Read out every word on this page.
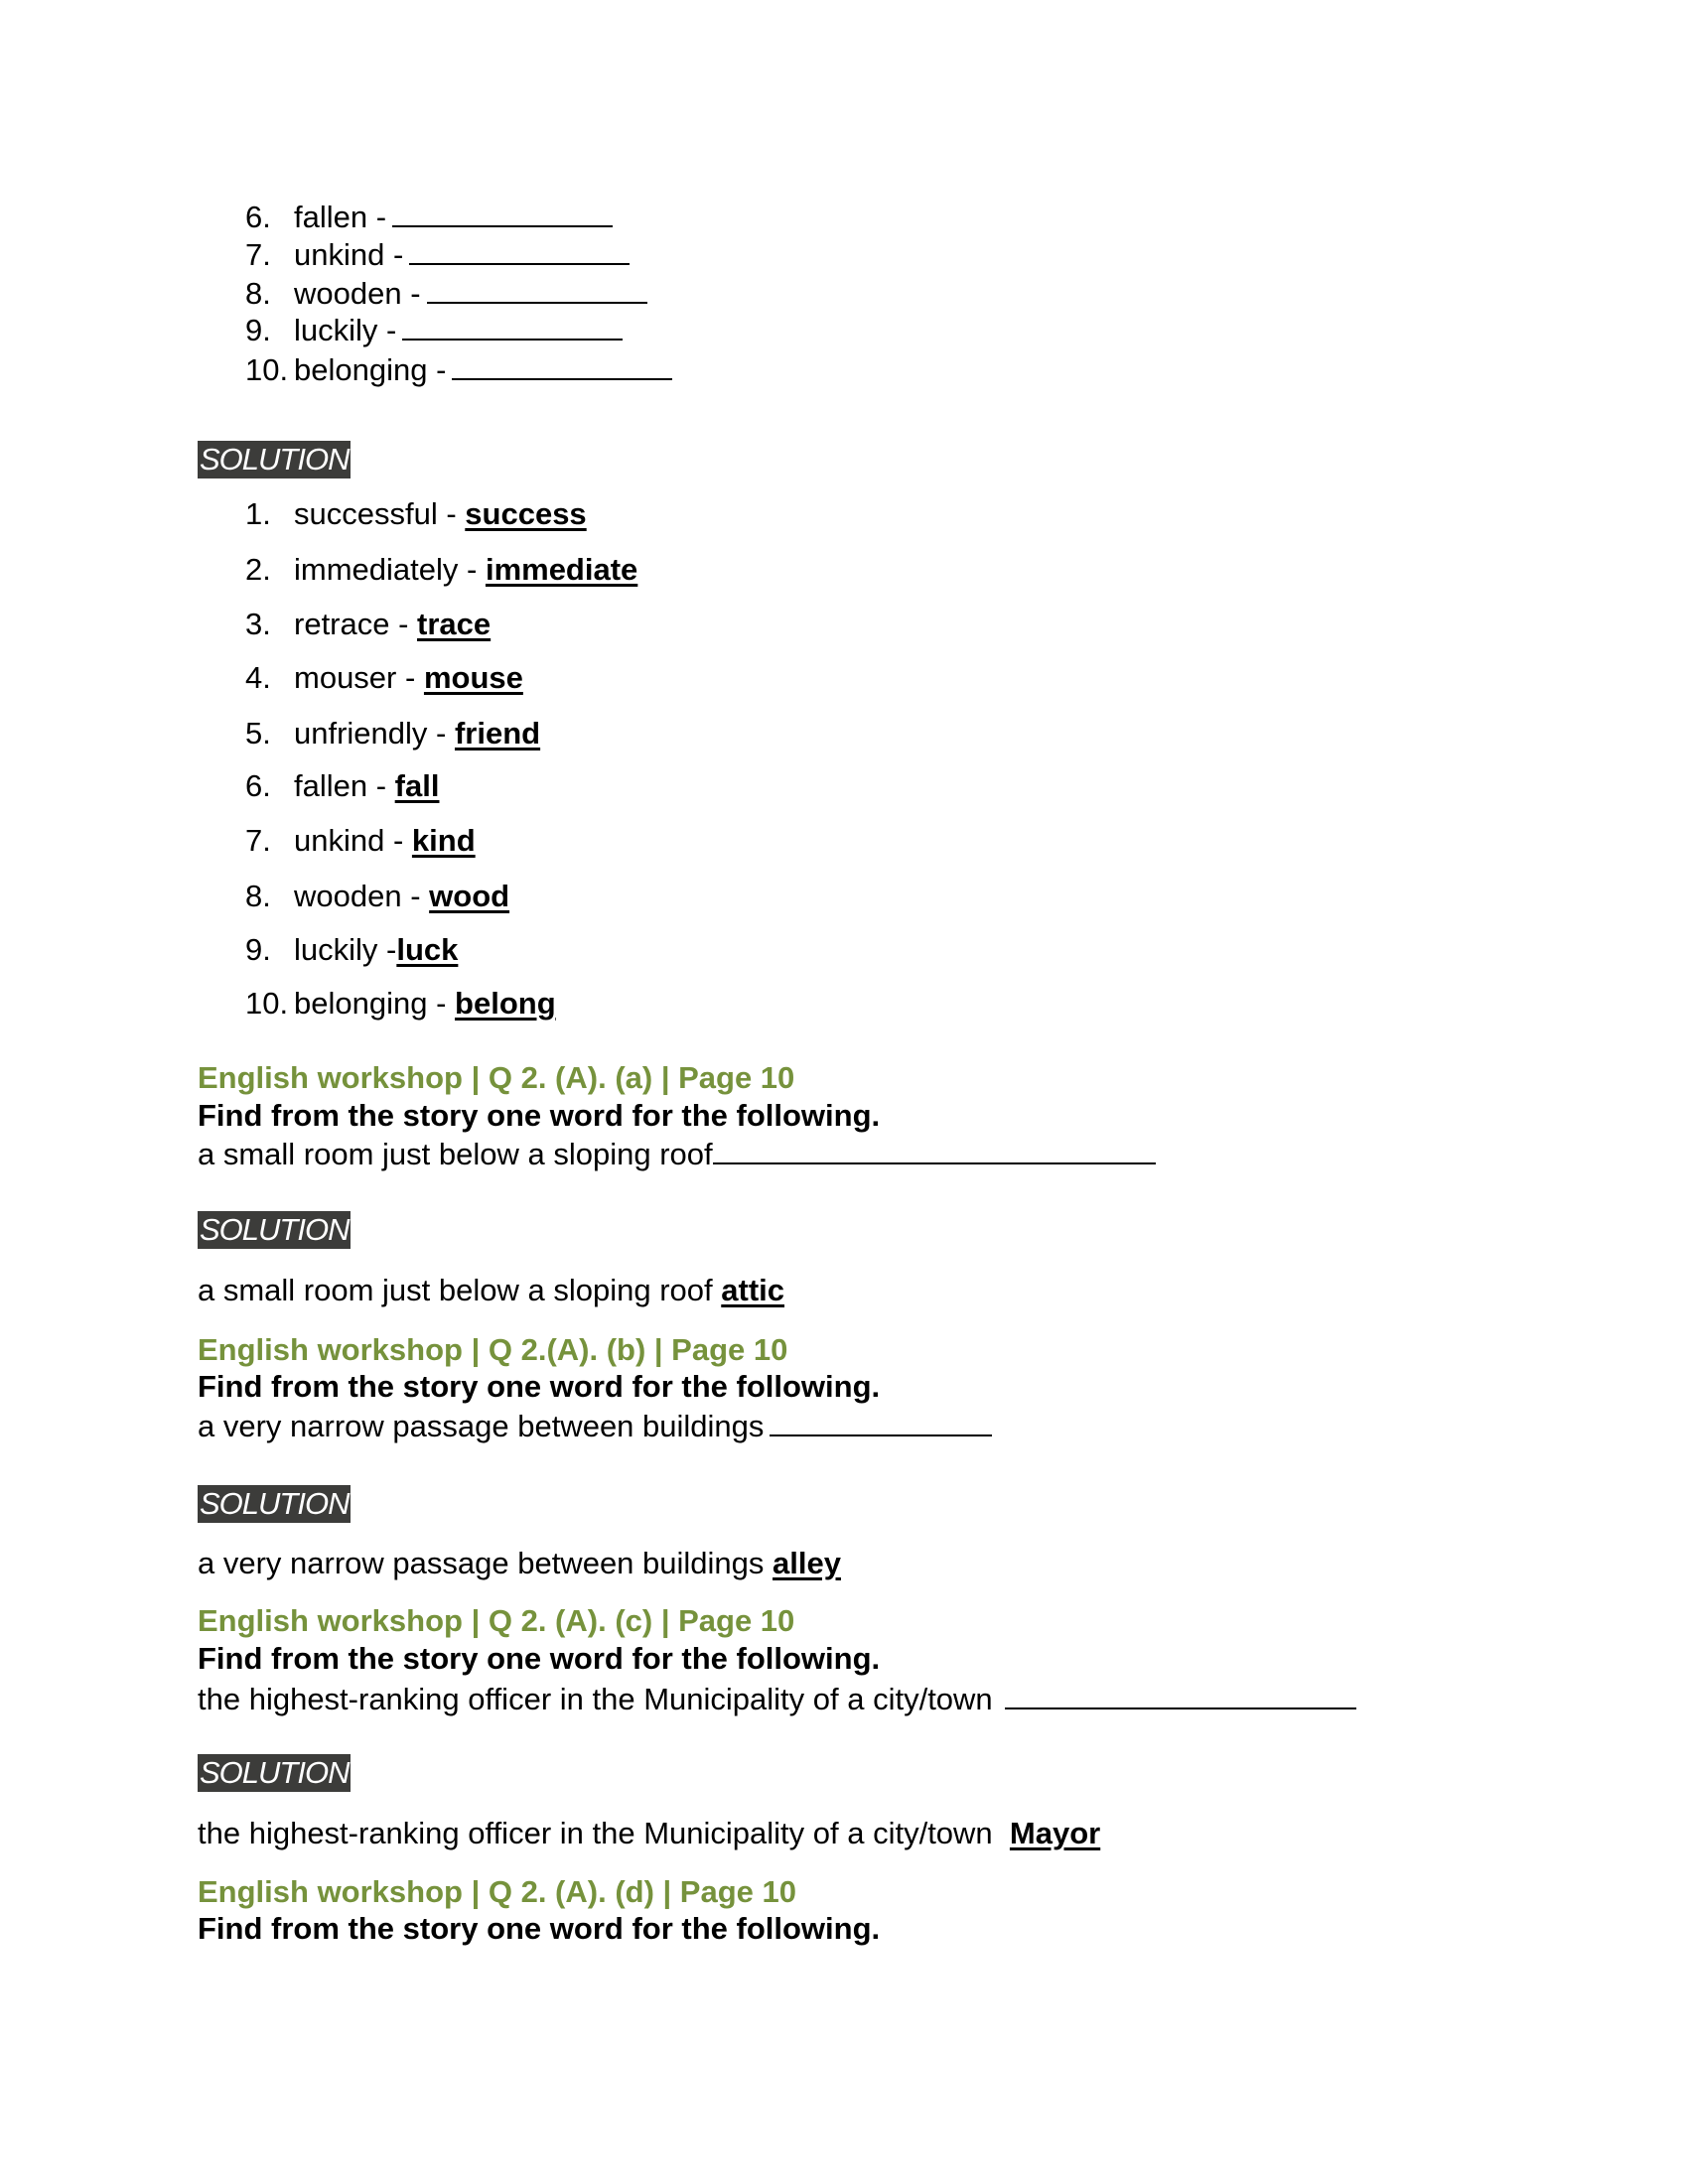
6. fallen -
7. unkind -
8. wooden -
9. luckily -
10. belonging -
SOLUTION
1. successful - success
2. immediately - immediate
3. retrace - trace
4. mouser - mouse
5. unfriendly - friend
6. fallen - fall
7. unkind - kind
8. wooden - wood
9. luckily -luck
10. belonging - belong
English workshop | Q 2. (A). (a) | Page 10
Find from the story one word for the following.
a small room just below a sloping roof
SOLUTION
a small room just below a sloping roof attic
English workshop | Q 2.(A). (b) | Page 10
Find from the story one word for the following.
a very narrow passage between buildings
SOLUTION
a very narrow passage between buildings alley
English workshop | Q 2. (A). (c) | Page 10
Find from the story one word for the following.
the highest-ranking officer in the Municipality of a city/town
SOLUTION
the highest-ranking officer in the Municipality of a city/town Mayor
English workshop | Q 2. (A). (d) | Page 10
Find from the story one word for the following.
